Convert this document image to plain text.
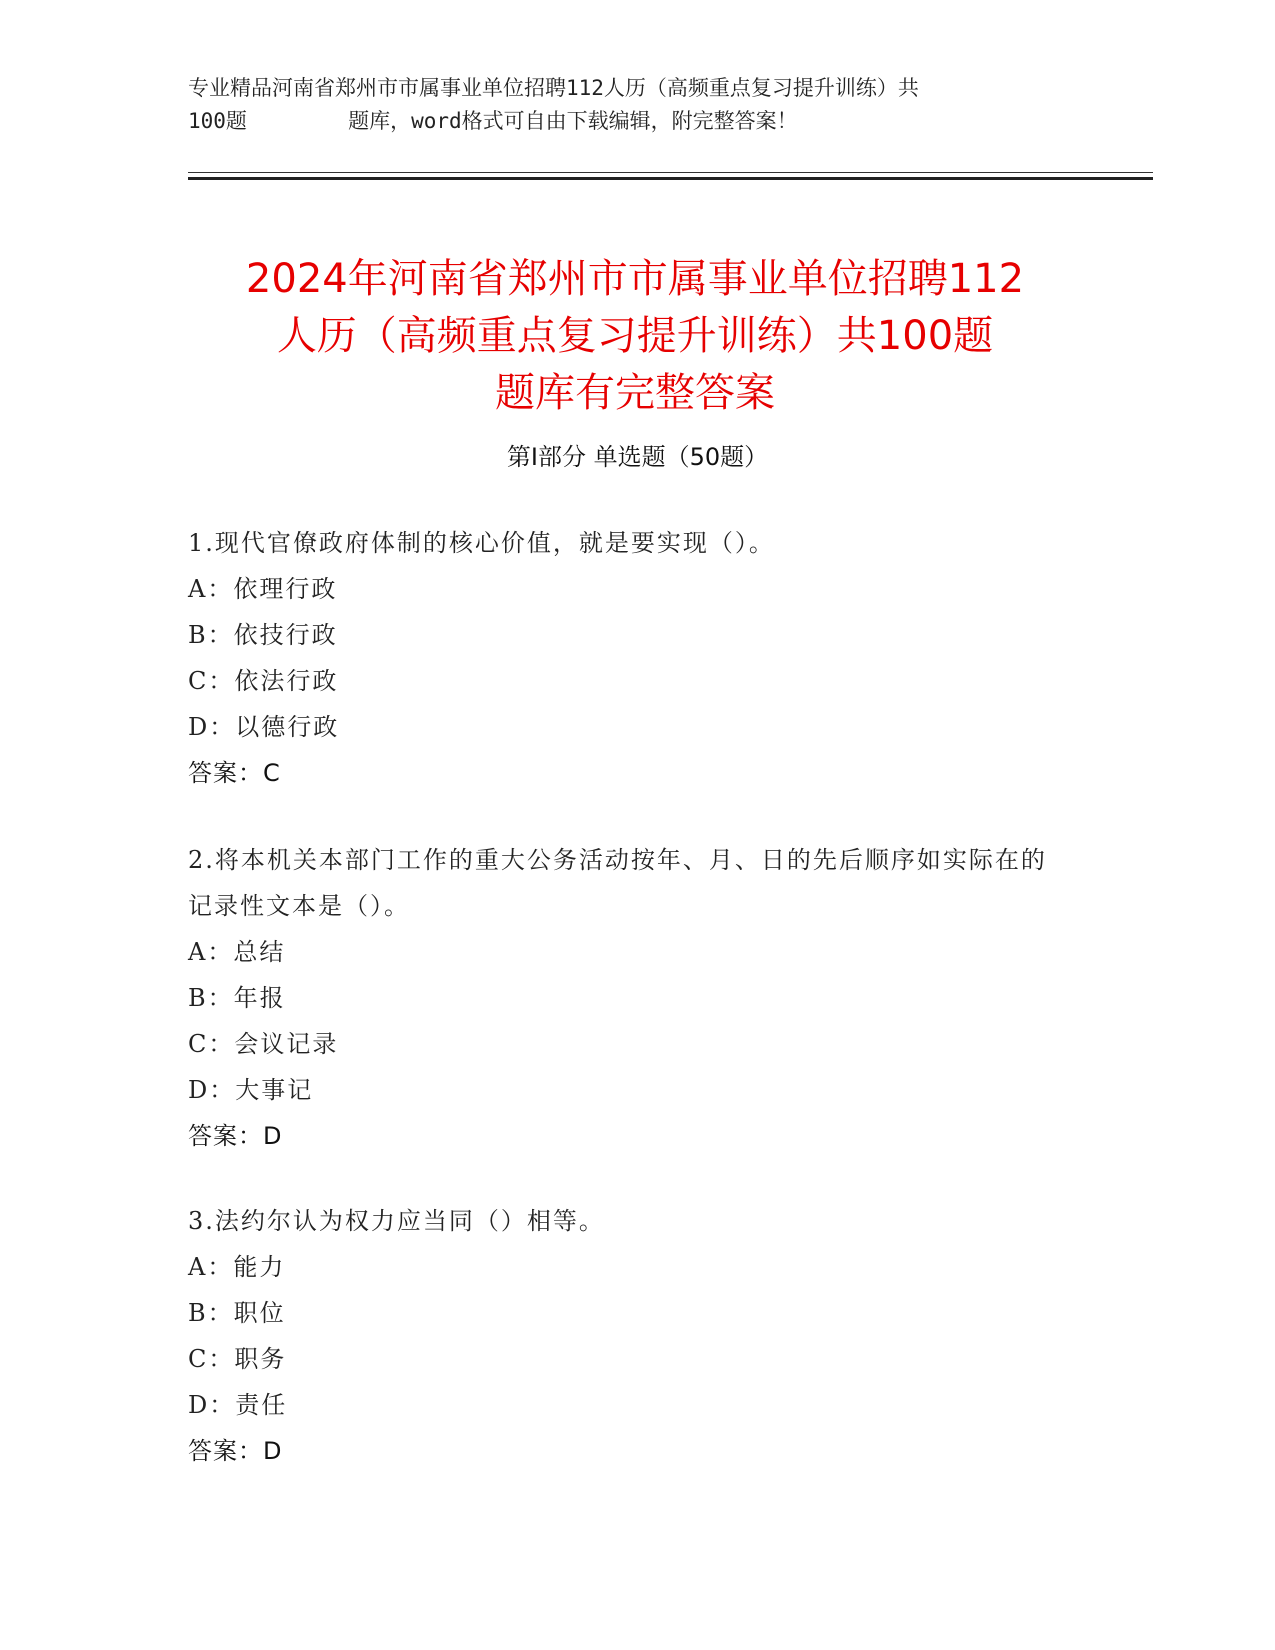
专业精品河南省郑州市市属事业单位招聘112人历（高频重点复习提升训练）共
100题        题库，word格式可自由下载编辑，附完整答案！
2024年河南省郑州市市属事业单位招聘112
人历（高频重点复习提升训练）共100题
题库有完整答案
第Ⅰ部分 单选题（50题）
1.现代官僚政府体制的核心价值，就是要实现（）。
A：依理行政
B：依技行政
C：依法行政
D：以德行政
答案：C
2.将本机关本部门工作的重大公务活动按年、月、日的先后顺序如实际在的记录性文本是（）。
A：总结
B：年报
C：会议记录
D：大事记
答案：D
3.法约尔认为权力应当同（）相等。
A：能力
B：职位
C：职务
D：责任
答案：D
